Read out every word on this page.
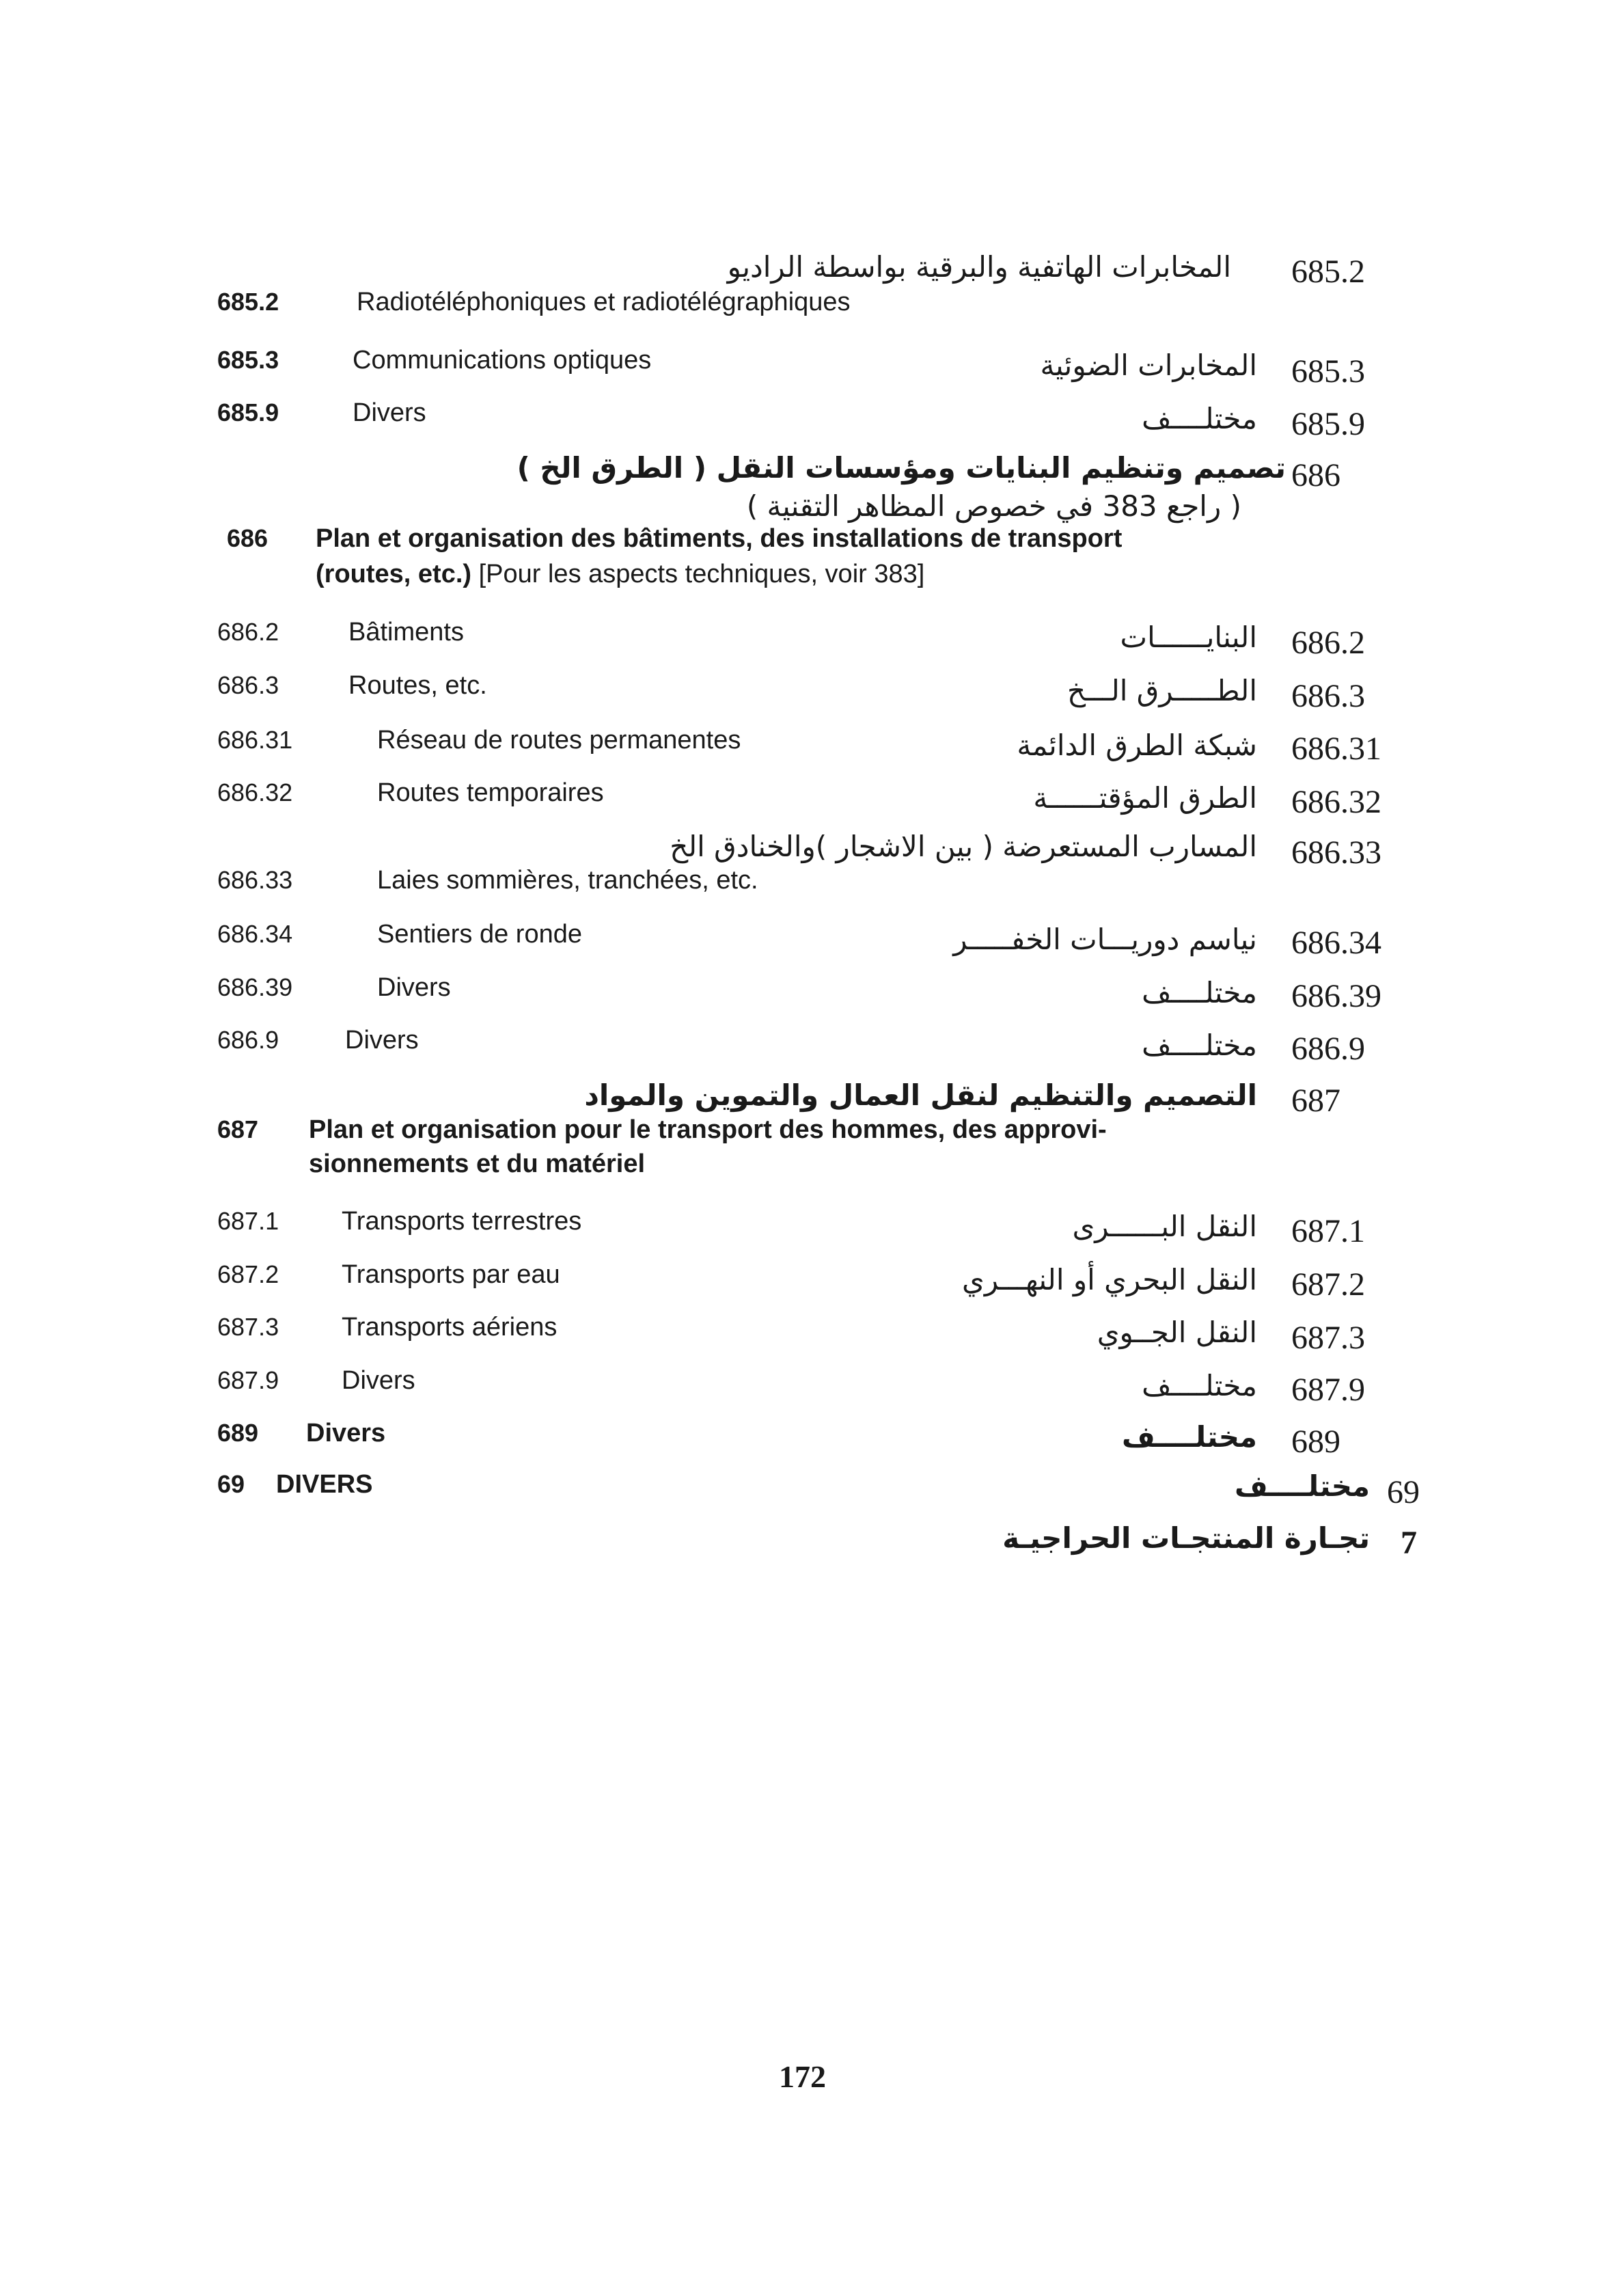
المخابرات الهاتفية والبرقية بواسطة الراديو 685.2
685.2	Radiotéléphoniques et radiotélégraphiques
685.3	Communications optiques	المخابرات الضوئية 685.3
685.9	Divers	مختلــــف 685.9
تصميم وتنظيم البنايات ومؤسسات النقل ( الطرق الخ ) 686
( راجع 383 في خصوص المظاهر التقنية )
686 Plan et organisation des bâtiments, des installations de transport
(routes, etc.) [Pour les aspects techniques, voir 383]
686.2	Bâtiments	البنايــــــات 686.2
686.3	Routes, etc.	الطـــــرق الـــخ 686.3
686.31	Réseau de routes permanentes	شبكة الطرق الدائمة 686.31
686.32	Routes temporaires	الطرق المؤقتــــــة 686.32
المسارب المستعرضة ( بين الاشجار )والخنادق الخ 686.33
686.33	Laies sommières, tranchées, etc.
686.34	Sentiers de ronde	نياسم دوريـــات الخفـــــر 686.34
686.39	Divers	مختلــــف 686.39
686.9	Divers	مختلــــف 686.9
التصميم والتنظيم لنقل العمال والتموين والمواد 687
687 Plan et organisation pour le transport des hommes, des approvi-
sionnements et du matériel
687.1 Transports terrestres	النقل البــــــرى 687.1
687.2 Transports par eau	النقل البحري أو النهـــري 687.2
687.3 Transports aériens	النقل الجــوي 687.3
687.9 Divers	مختلــــف 687.9
689 Divers	مختلــــف 689
69 DIVERS	مختلــــف 69
تجـارة المنتجـات الحراجيـة 7
172
